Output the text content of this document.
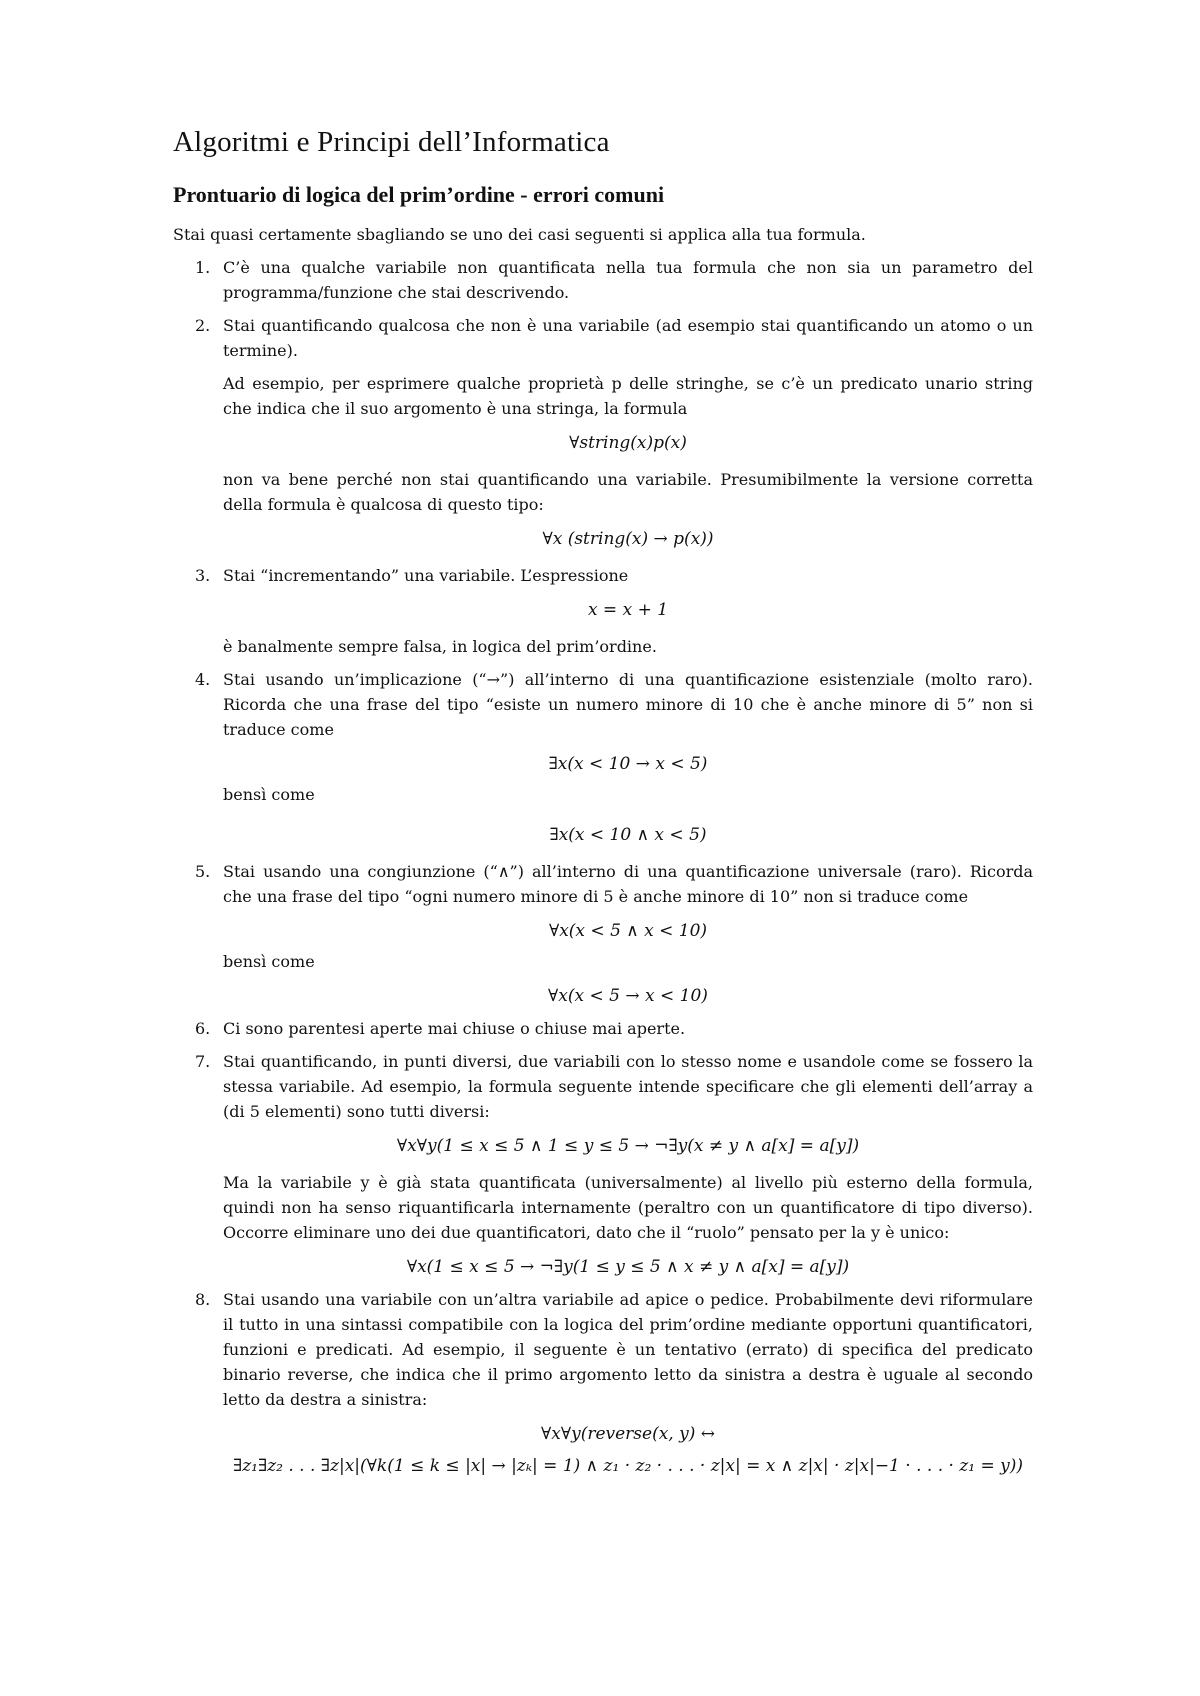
Algoritmi e Principi dell’Informatica
Prontuario di logica del prim’ordine - errori comuni

Stai quasi certamente sbagliando se uno dei casi seguenti si applica alla tua formula.

1. C’è una qualche variabile non quantificata nella tua formula che non sia un parametro del programma/funzione che stai descrivendo.

2. Stai quantificando qualcosa che non è una variabile (ad esempio stai quantificando un atomo o un termine).

Ad esempio, per esprimere qualche proprietà p delle stringhe, se c’è un predicato unario string che indica che il suo argomento è una stringa, la formula

∀string(x)p(x)

non va bene perché non stai quantificando una variabile. Presumibilmente la versione corretta della formula è qualcosa di questo tipo:

∀x (string(x) → p(x))
3. Stai “incrementando” una variabile. L’espressione

x = x + 1

è banalmente sempre falsa, in logica del prim’ordine.

4. Stai usando un’implicazione (“→”) all’interno di una quantificazione esistenziale (molto raro). Ricorda che una frase del tipo “esiste un numero minore di 10 che è anche minore di 5” non si traduce come

∃x(x < 10 → x < 5)

bensì come

∃x(x < 10 ∧ x < 5)
5. Stai usando una congiunzione (“∧”) all’interno di una quantificazione universale (raro). Ricorda che una frase del tipo “ogni numero minore di 5 è anche minore di 10” non si traduce come

∀x(x < 5 ∧ x < 10)

bensì come

∀x(x < 5 → x < 10)
6. Ci sono parentesi aperte mai chiuse o chiuse mai aperte.

7. Stai quantificando, in punti diversi, due variabili con lo stesso nome e usandole come se fossero la stessa variabile. Ad esempio, la formula seguente intende specificare che gli elementi dell’array a (di 5 elementi) sono tutti diversi:

∀x∀y(1 ≤ x ≤ 5 ∧ 1 ≤ y ≤ 5 → ¬∃y(x ≠ y ∧ a[x] = a[y])

Ma la variabile y è già stata quantificata (universalmente) al livello più esterno della formula, quindi non ha senso riquantificarla internamente (peraltro con un quantificatore di tipo diverso). Occorre eliminare uno dei due quantificatori, dato che il “ruolo” pensato per la y è unico:

∀x(1 ≤ x ≤ 5 → ¬∃y(1 ≤ y ≤ 5 ∧ x ≠ y ∧ a[x] = a[y])
8. Stai usando una variabile con un’altra variabile ad apice o pedice. Probabilmente devi riformulare il tutto in una sintassi compatibile con la logica del prim’ordine mediante opportuni quantificatori, funzioni e predicati. Ad esempio, il seguente è un tentativo (errato) di specifica del predicato binario reverse, che indica che il primo argomento letto da sinistra a destra è uguale al secondo letto da destra a sinistra:

∀x∀y(reverse(x, y) ↔
∃z₁∃z₂ . . . ∃z|x|(∀k(1 ≤ k ≤ |x| → |zₖ| = 1) ∧ z₁ · z₂ · . . . · z|x| = x ∧ z|x| · z|x|−1 · . . . · z₁ = y))
